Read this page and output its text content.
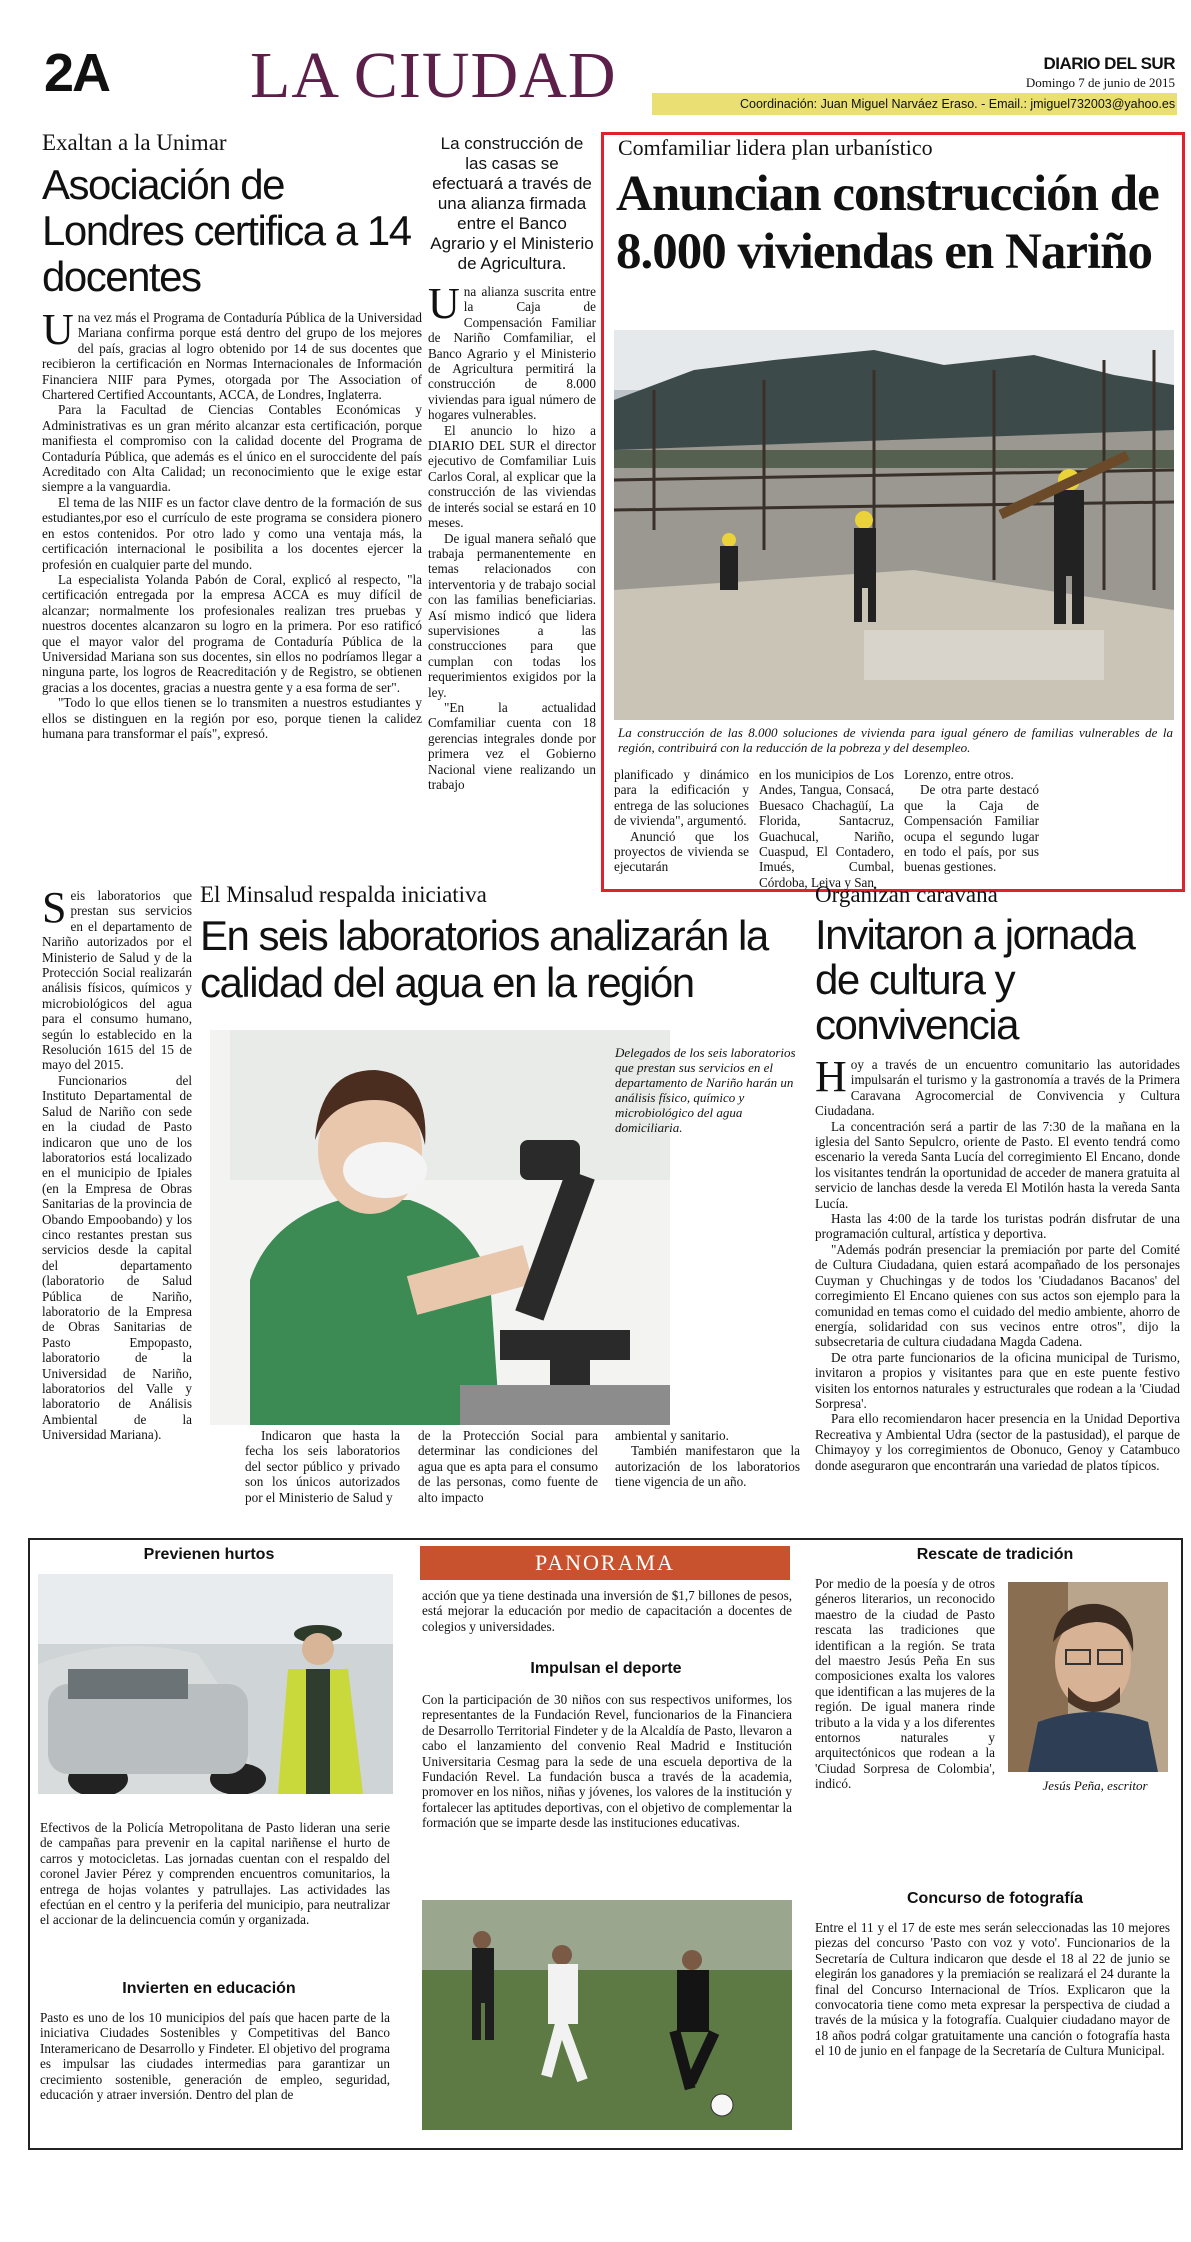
2A LA CIUDAD	DIARIO DEL SUR
Domingo 7 de junio de 2015
Coordinación: Juan Miguel Narváez Eraso. - Email.: jmiguel732003@yahoo.es
Exaltan a la Unimar
Asociación de Londres certifica a 14 docentes

Una vez más el Programa de Contaduría Pública de la Universidad Mariana confirma porque está dentro del grupo de los mejores del país, gracias al logro obtenido por 14 de sus docentes que recibieron la certificación en Normas Internacionales de Información Financiera NIIF para Pymes, otorgada por The Association of Chartered Certified Accountants, ACCA, de Londres, Inglaterra.

Para la Facultad de Ciencias Contables Económicas y Administrativas es un gran mérito alcanzar esta certificación, porque manifiesta el compromiso con la calidad docente del Programa de Contaduría Pública, que además es el único en el suroccidente del país Acreditado con Alta Calidad; un reconocimiento que le exige estar siempre a la vanguardia.

El tema de las NIIF es un factor clave dentro de la formación de sus estudiantes,por eso el currículo de este programa se considera pionero en estos contenidos. Por otro lado y como una ventaja más, la certificación internacional le posibilita a los docentes ejercer la profesión en cualquier parte del mundo.

La especialista Yolanda Pabón de Coral, explicó al respecto, "la certificación entregada por la empresa ACCA es muy difícil de alcanzar; normalmente los profesionales realizan tres pruebas y nuestros docentes alcanzaron su logro en la primera. Por eso ratificó que el mayor valor del programa de Contaduría Pública de la Universidad Mariana son sus docentes, sin ellos no podríamos llegar a ninguna parte, los logros de Reacreditación y de Registro, se obtienen gracias a los docentes, gracias a nuestra gente y a esa forma de ser".

"Todo lo que ellos tienen se lo transmiten a nuestros estudiantes y ellos se distinguen en la región por eso, porque tienen la calidez humana para transformar el país", expresó.

La construcción de las casas se efectuará a través de una alianza firmada entre el Banco Agrario y el Ministerio de Agricultura.

Una alianza suscrita entre la Caja de Compensación Familiar de Nariño Comfamiliar, el Banco Agrario y el Ministerio de Agricultura permitirá la construcción de 8.000 viviendas para igual número de hogares vulnerables.

El anuncio lo hizo a DIARIO DEL SUR el director ejecutivo de Comfamiliar Luis Carlos Coral, al explicar que la construcción de las viviendas de interés social se estará en 10 meses.

De igual manera señaló que trabaja permanentemente en temas relacionados con interventoria y de trabajo social con las familias beneficiarias. Así mismo indicó que lidera supervisiones a las construcciones para que cumplan con todas los requerimientos exigidos por la ley.

"En la actualidad Comfamiliar cuenta con 18 gerencias integrales donde por primera vez el Gobierno Nacional viene realizando un trabajo

Comfamiliar lidera plan urbanístico
Anuncian construcción de 8.000 viviendas en Nariño
La construcción de las 8.000 soluciones de vivienda para igual género de familias vulnerables de la región, contribuirá con la reducción de la pobreza y del desempleo.

planificado y dinámico para la edificación y entrega de las soluciones de vivienda", argumentó.

Anunció que los proyectos de vivienda se ejecutarán

en los municipios de Los Andes, Tangua, Consacá, Buesaco Chachagüí, La Florida, Santacruz, Guachucal, Nariño, Cuaspud, El Contadero, Imués, Cumbal, Córdoba, Leiva y San

Lorenzo, entre otros.

De otra parte destacó que la Caja de Compensación Familiar ocupa el segundo lugar en todo el país, por sus buenas gestiones.

Seis laboratorios que prestan sus servicios en el departamento de Nariño autorizados por el Ministerio de Salud y de la Protección Social realizarán análisis físicos, químicos y microbiológicos del agua para el consumo humano, según lo establecido en la Resolución 1615 del 15 de mayo del 2015.

Funcionarios del Instituto Departamental de Salud de Nariño con sede en la ciudad de Pasto indicaron que uno de los laboratorios está localizado en el municipio de Ipiales (en la Empresa de Obras Sanitarias de la provincia de Obando Empoobando) y los cinco restantes prestan sus servicios desde la capital del departamento (laboratorio de Salud Pública de Nariño, laboratorio de la Empresa de Obras Sanitarias de Pasto Empopasto, laboratorio de la Universidad de Nariño, laboratorios del Valle y laboratorio de Análisis Ambiental de la Universidad Mariana).

El Minsalud respalda iniciativa
En seis laboratorios analizarán la calidad del agua en la región
Delegados de los seis laboratorios que prestan sus servicios en el departamento de Nariño harán un análisis físico, químico y microbiológico del agua domiciliaria.

Indicaron que hasta la fecha los seis laboratorios del sector público y privado son los únicos autorizados por el Ministerio de Salud y

de la Protección Social para determinar las condiciones del agua que es apta para el consumo de las personas, como fuente de alto impacto

ambiental y sanitario.

También manifestaron que la autorización de los laboratorios tiene vigencia de un año.

Organizan caravana
Invitaron a jornada de cultura y convivencia

Hoy a través de un encuentro comunitario las autoridades impulsarán el turismo y la gastronomía a través de la Primera Caravana Agrocomercial de Convivencia y Cultura Ciudadana.

La concentración será a partir de las 7:30 de la mañana en la iglesia del Santo Sepulcro, oriente de Pasto. El evento tendrá como escenario la vereda Santa Lucía del corregimiento El Encano, donde los visitantes tendrán la oportunidad de acceder de manera gratuita al servicio de lanchas desde la vereda El Motilón hasta la vereda Santa Lucía.

Hasta las 4:00 de la tarde los turistas podrán disfrutar de una programación cultural, artística y deportiva.

"Además podrán presenciar la premiación por parte del Comité de Cultura Ciudadana, quien estará acompañado de los personajes Cuyman y Chuchingas y de todos los 'Ciudadanos Bacanos' del corregimiento El Encano quienes con sus actos son ejemplo para la comunidad en temas como el cuidado del medio ambiente, ahorro de energía, solidaridad con sus vecinos entre otros", dijo la subsecretaria de cultura ciudadana Magda Cadena.

De otra parte funcionarios de la oficina municipal de Turismo, invitaron a propios y visitantes para que en este puente festivo visiten los entornos naturales y estructurales que rodean a la 'Ciudad Sorpresa'.

Para ello recomiendaron hacer presencia en la Unidad Deportiva Recreativa y Ambiental Udra (sector de la pastusidad), el parque de Chimayoy y los corregimientos de Obonuco, Genoy y Catambuco donde aseguraron que encontrarán una variedad de platos típicos.

Previenen hurtos
Efectivos de la Policía Metropolitana de Pasto lideran una serie de campañas para prevenir en la capital nariñense el hurto de carros y motocicletas. Las jornadas cuentan con el respaldo del coronel Javier Pérez y comprenden encuentros comunitarios, la entrega de hojas volantes y patrullajes. Las actividades las efectúan en el centro y la periferia del municipio, para neutralizar el accionar de la delincuencia común y organizada.
Invierten en educación
Pasto es uno de los 10 municipios del país que hacen parte de la iniciativa Ciudades Sostenibles y Competitivas del Banco Interamericano de Desarrollo y Findeter. El objetivo del programa es impulsar las ciudades intermedias para garantizar un crecimiento sostenible, generación de empleo, seguridad, educación y atraer inversión. Dentro del plan de
PANORAMA
acción que ya tiene destinada una inversión de $1,7 billones de pesos, está mejorar la educación por medio de capacitación a docentes de colegios y universidades.
Impulsan el deporte
Con la participación de 30 niños con sus respectivos uniformes, los representantes de la Fundación Revel, funcionarios de la Financiera de Desarrollo Territorial Findeter y de la Alcaldía de Pasto, llevaron a cabo el lanzamiento del convenio Real Madrid e Institución Universitaria Cesmag para la sede de una escuela deportiva de la Fundación Revel. La fundación busca a través de la academia, promover en los niños, niñas y jóvenes, los valores de la institución y fortalecer las aptitudes deportivas, con el objetivo de complementar la formación que se imparte desde las instituciones educativas.
Rescate de tradición
Por medio de la poesía y de otros géneros literarios, un reconocido maestro de la ciudad de Pasto rescata las tradiciones que identifican a la región. Se trata del maestro Jesús Peña En sus composiciones exalta los valores que identifican a las mujeres de la región. De igual manera rinde tributo a la vida y a los diferentes entornos naturales y arquitectónicos que rodean a la 'Ciudad Sorpresa de Colombia', indicó.	Jesús Peña, escritor
Concurso de fotografía
Entre el 11 y el 17 de este mes serán seleccionadas las 10 mejores piezas del concurso 'Pasto con voz y voto'. Funcionarios de la Secretaría de Cultura indicaron que desde el 18 al 22 de junio se elegirán los ganadores y la premiación se realizará el 24 durante la final del Concurso Internacional de Tríos. Explicaron que la convocatoria tiene como meta expresar la perspectiva de ciudad a través de la música y la fotografía. Cualquier ciudadano mayor de 18 años podrá colgar gratuitamente una canción o fotografía hasta el 10 de junio en el fanpage de la Secretaría de Cultura Municipal.
